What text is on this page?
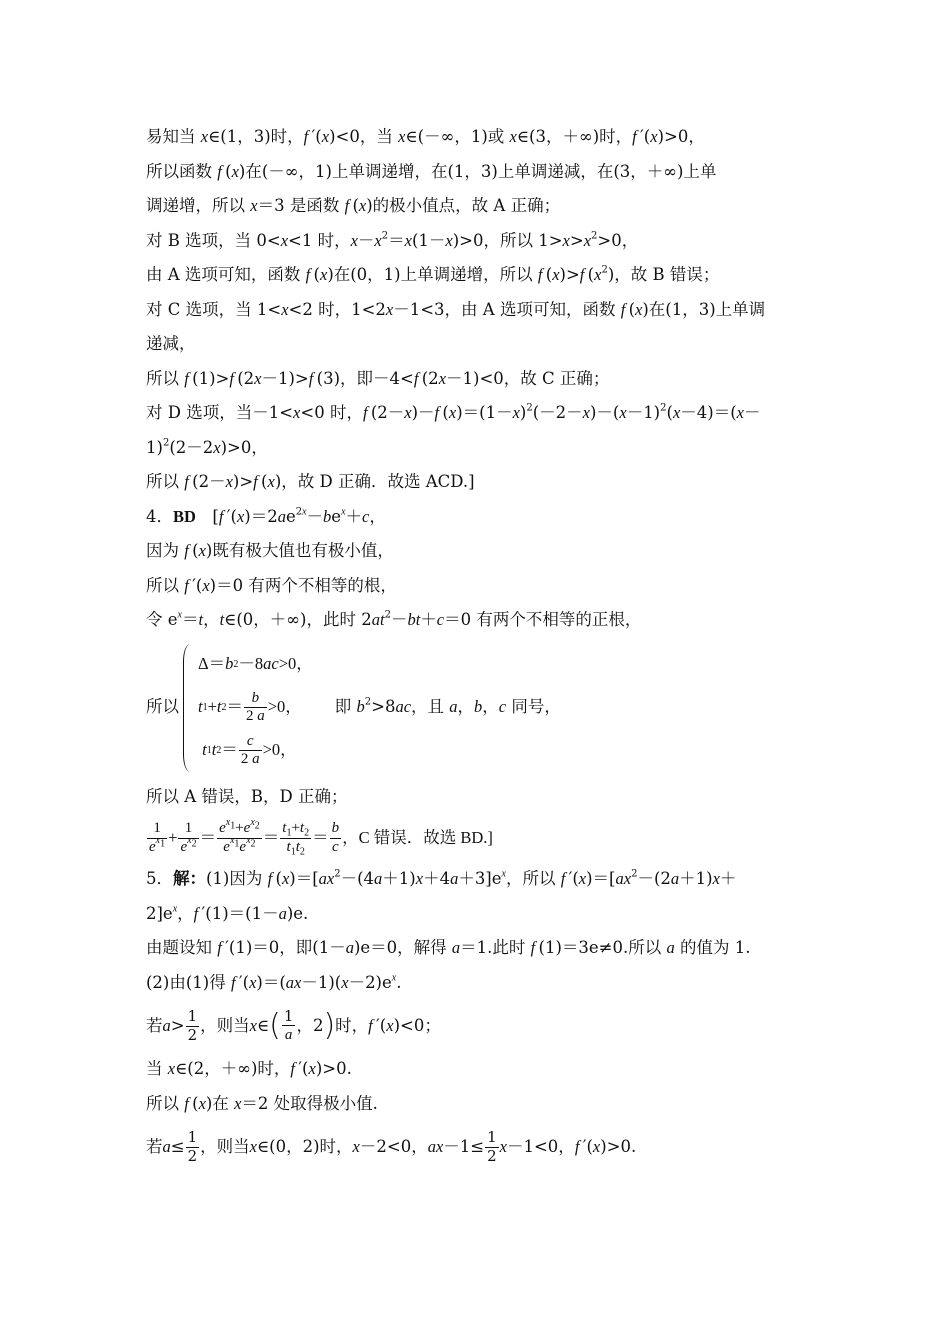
易知当 x∈(1，3)时，f ′(x)<0，当 x∈(－∞，1)或 x∈(3，＋∞)时，f ′(x)>0，
所以函数 f (x)在(－∞，1)上单调递增，在(1，3)上单调递减，在(3，＋∞)上单
调递增，所以 x＝3 是函数 f (x)的极小值点，故 A 正确；
对 B 选项，当 0<x<1 时，$x-x^2=x(1-x)>0$，所以 $1>x>x^2>0$，
由 A 选项可知，函数 f (x)在(0，1)上单调递增，所以 f (x)>f $(x^2)$，故 B 错误；
对 C 选项，当 1<x<2 时，1<2x－1<3，由 A 选项可知，函数 f (x)在(1，3)上单调
递减，
所以 f (1)>f (2x－1)>f (3)，即－4<f (2x－1)<0，故 C 正确；
对 D 选项，当－1<x<0 时，f (2－x)－f $(x)=(1-x)^2(-2-x)-(x-1)^2(x-4)=(x-$
1)$^2$(2－2x)>0，
所以 f (2－x)>f (x)，故 D 正确．故选 ACD.]
4．BD  [f $'(x)=2ae^{2x}-be^x+c$，
因为 f (x)既有极大值也有极小值，
所以 f ′(x)＝0 有两个不相等的根，
令 $e^x=t$，t∈(0，＋∞)，此时 $2at^2-bt+c=0$ 有两个不相等的正根，
所以
Δ＝ b 2 －8 ac >0，
t 1 + t $2 = \frac{b}{2 a} >0$，

t 1 t $2 = \frac{c}{2 a} >0$，
即 $b^2>8ac$，且 a，b，c 同号，
所以 A 错误，B，D 正确；
$\frac{1}{e^{x_1}} + \frac{1}{e^{x_2}} = \frac{e^{x_1}+e^{x_2}}{e^{x_1}e^{x_2}} = \frac{t_1+t_2}{t_1t_2} = \frac{b}{c}$ ，C 错误．故选 BD.]
5．解：(1)因为 f $(x)=[ax^2-(4a+1)x+4a+3]e^x$，所以 f $'(x)=[ax^2-(2a+1)x+$
$2]e^x$，f ′(1)＝(1－a)e.
由题设知 f ′(1)＝0，即(1－a)e＝0，解得 a＝1.此时 f (1)＝3e≠0.所以 a 的值为 1.
(2)由(1)得 f $'(x)=(ax-1)(x-2)e^x$.
若 $a > \frac{1}{2}$ ，则当 x ∈ ( $\frac{1}{a}$ ，2 ) 时， f  ′( x )<0；
当 x∈(2，＋∞)时，f ′(x)>0.
所以 f (x)在 x＝2 处取得极小值.
若 $a \le \frac{1}{2}$ ，则当 x ∈(0，2)时， x －2<0， a $x -1\le \frac{1}{2}$ x －1<0， f  ′( x )>0.
